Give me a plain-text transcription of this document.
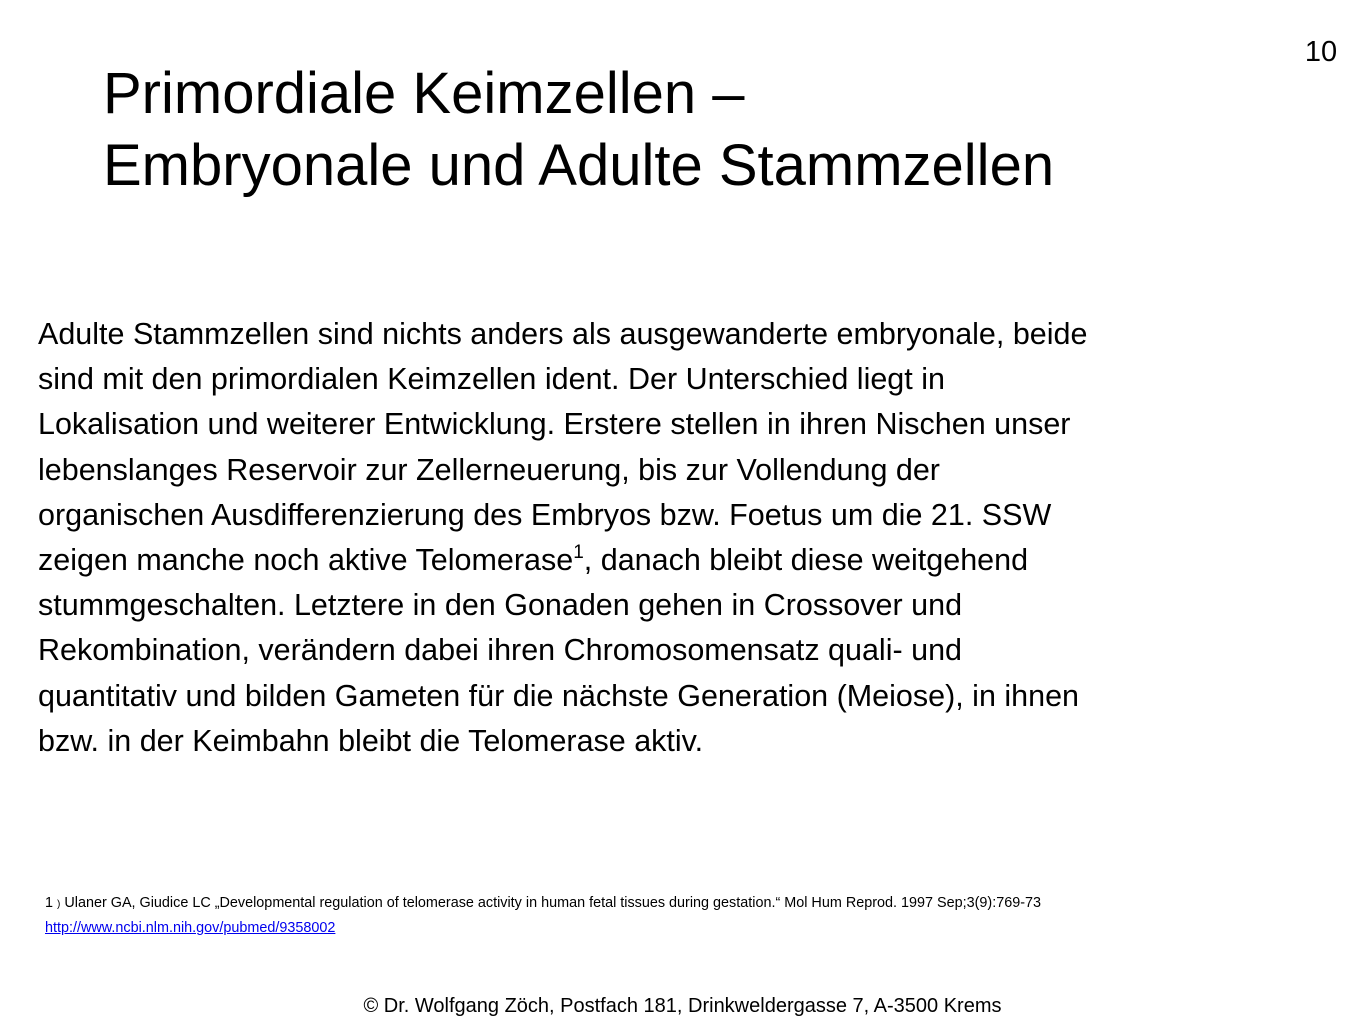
10
Primordiale Keimzellen –
Embryonale und Adulte Stammzellen

Adulte Stammzellen sind nichts anders als ausgewanderte embryonale, beide
sind mit den primordialen Keimzellen ident. Der Unterschied liegt in
Lokalisation und weiterer Entwicklung. Erstere stellen in ihren Nischen unser
lebenslanges Reservoir zur Zellerneuerung, bis zur Vollendung der
organischen Ausdifferenzierung des Embryos bzw. Foetus um die 21. SSW
zeigen manche noch aktive Telomerase$^1$, danach bleibt diese weitgehend
stummgeschalten. Letztere in den Gonaden gehen in Crossover und
Rekombination, verändern dabei ihren Chromosomensatz quali- und
quantitativ und bilden Gameten für die nächste Generation (Meiose), in ihnen
bzw. in der Keimbahn bleibt die Telomerase aktiv.

1 ) Ulaner GA, Giudice LC „Developmental regulation of telomerase activity in human fetal tissues during gestation.“ Mol Hum Reprod. 1997 Sep;3(9):769-73
http://www.ncbi.nlm.nih.gov/pubmed/9358002
© Dr. Wolfgang Zöch, Postfach 181, Drinkweldergasse 7, A-3500 Krems
